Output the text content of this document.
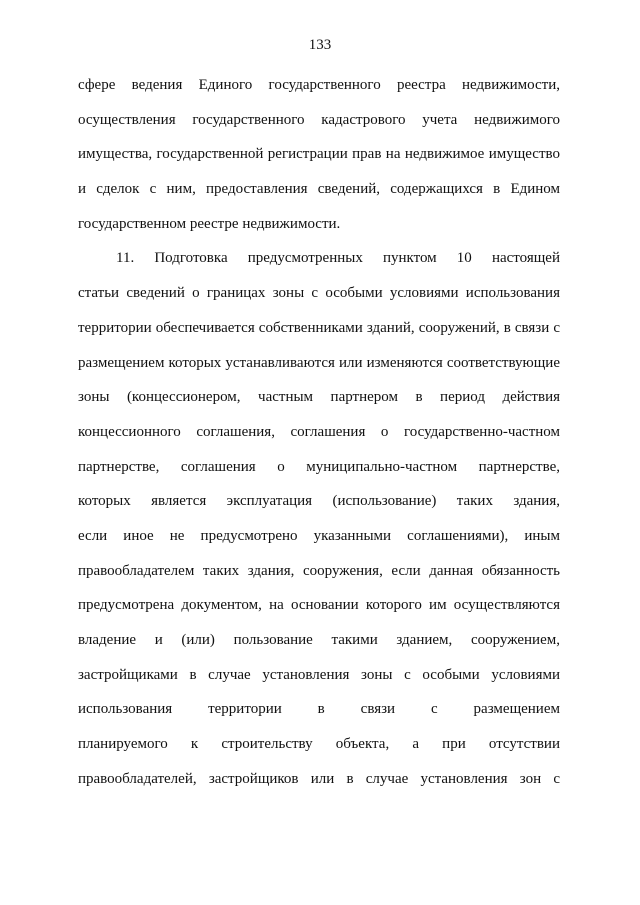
133
сфере ведения Единого государственного реестра недвижимости,
осуществления государственного кадастрового учета недвижимого
имущества, государственной регистрации прав на недвижимое имущество
и сделок с ним, предоставления сведений, содержащихся в Едином
государственном реестре недвижимости.
11. Подготовка предусмотренных пунктом 10 настоящей
статьи сведений о границах зоны с особыми условиями использования
территории обеспечивается собственниками зданий, сооружений, в связи с
размещением которых устанавливаются или изменяются соответствующие
зоны (концессионером, частным партнером в период действия
концессионного соглашения, соглашения о государственно-частном
партнерстве, соглашения о муниципально-частном партнерстве,
которых является эксплуатация (использование) таких здания,
если иное не предусмотрено указанными соглашениями), иным
правообладателем таких здания, сооружения, если данная обязанность
предусмотрена документом, на основании которого им осуществляются
владение и (или) пользование такими зданием, сооружением,
застройщиками в случае установления зоны с особыми условиями
использования территории в связи с размещением
планируемого к строительству объекта, а при отсутствии
правообладателей, застройщиков или в случае установления зон с
